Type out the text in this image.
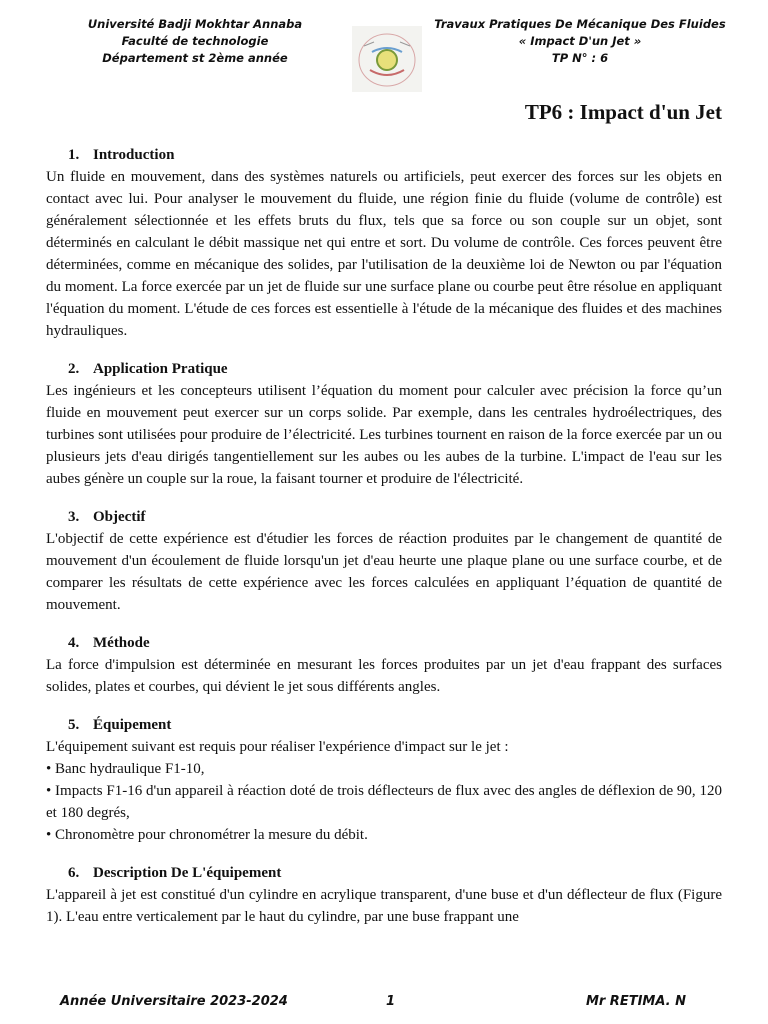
Université Badji Mokhtar Annaba
Faculté de technologie
Département st 2ème année
Travaux Pratiques De Mécanique Des Fluides
« Impact D'un Jet »
TP N° : 6
TP6 : Impact d'un Jet
1. Introduction

Un fluide en mouvement, dans des systèmes naturels ou artificiels, peut exercer des forces sur les objets en contact avec lui. Pour analyser le mouvement du fluide, une région finie du fluide (volume de contrôle) est généralement sélectionnée et les effets bruts du flux, tels que sa force ou son couple sur un objet, sont déterminés en calculant le débit massique net qui entre et sort. Du volume de contrôle. Ces forces peuvent être déterminées, comme en mécanique des solides, par l'utilisation de la deuxième loi de Newton ou par l'équation du moment. La force exercée par un jet de fluide sur une surface plane ou courbe peut être résolue en appliquant l'équation du moment. L'étude de ces forces est essentielle à l'étude de la mécanique des fluides et des machines hydrauliques.

2. Application Pratique

Les ingénieurs et les concepteurs utilisent l’équation du moment pour calculer avec précision la force qu’un fluide en mouvement peut exercer sur un corps solide. Par exemple, dans les centrales hydroélectriques, des turbines sont utilisées pour produire de l’électricité. Les turbines tournent en raison de la force exercée par un ou plusieurs jets d'eau dirigés tangentiellement sur les aubes ou les aubes de la turbine. L'impact de l'eau sur les aubes génère un couple sur la roue, la faisant tourner et produire de l'électricité.

3. Objectif

L'objectif de cette expérience est d'étudier les forces de réaction produites par le changement de quantité de mouvement d'un écoulement de fluide lorsqu'un jet d'eau heurte une plaque plane ou une surface courbe, et de comparer les résultats de cette expérience avec les forces calculées en appliquant l’équation de quantité de mouvement.

4. Méthode

La force d'impulsion est déterminée en mesurant les forces produites par un jet d'eau frappant des surfaces solides, plates et courbes, qui dévient le jet sous différents angles.

5. Équipement
L'équipement suivant est requis pour réaliser l'expérience d'impact sur le jet :
• Banc hydraulique F1-10,
• Impacts F1-16 d'un appareil à réaction doté de trois déflecteurs de flux avec des angles de déflexion de 90, 120 et 180 degrés,
• Chronomètre pour chronométrer la mesure du débit.
6. Description De L'équipement

L'appareil à jet est constitué d'un cylindre en acrylique transparent, d'une buse et d'un déflecteur de flux (Figure 1). L'eau entre verticalement par le haut du cylindre, par une buse frappant une

Année Universitaire 2023-2024	1	Mr RETIMA. N
